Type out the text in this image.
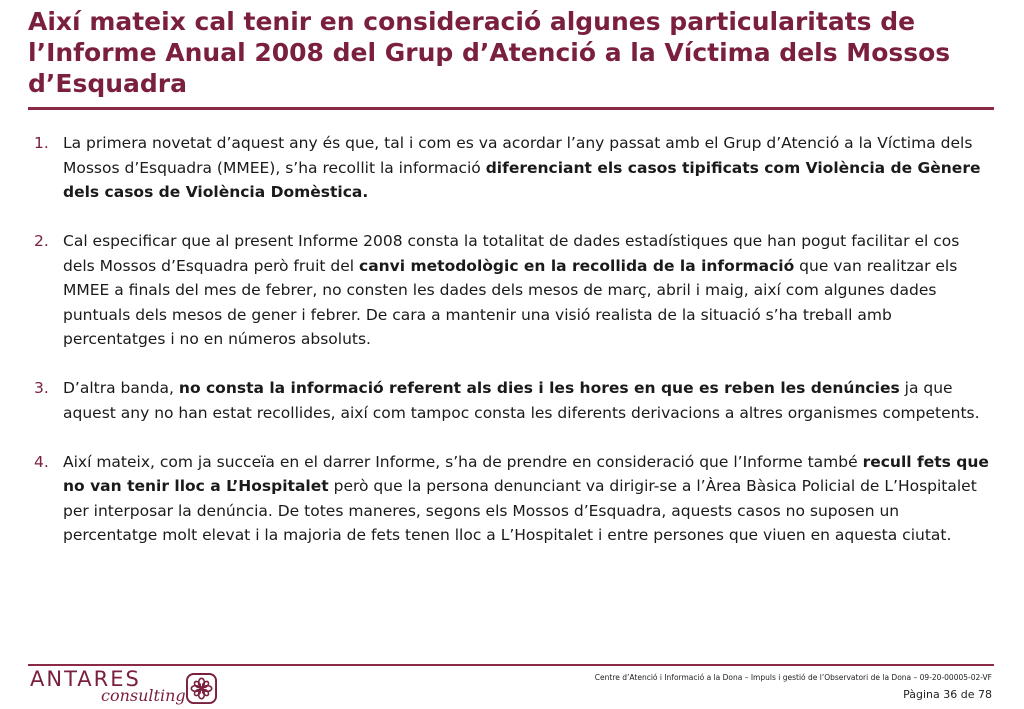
Així mateix cal tenir en consideració algunes particularitats de l’Informe Anual 2008 del Grup d’Atenció a la Víctima dels Mossos d’Esquadra
1. La primera novetat d’aquest any és que, tal i com es va acordar l’any passat amb el Grup d’Atenció a la Víctima dels Mossos d’Esquadra (MMEE), s’ha recollit la informació diferenciant els casos tipificats com Violència de Gènere dels casos de Violència Domèstica.
2. Cal especificar que al present Informe 2008 consta la totalitat de dades estadístiques que han pogut facilitar el cos dels Mossos d’Esquadra però fruit del canvi metodològic en la recollida de la informació que van realitzar els MMEE a finals del mes de febrer, no consten les dades dels mesos de març, abril i maig, així com algunes dades puntuals dels mesos de gener i febrer. De cara a mantenir una visió realista de la situació s’ha treball amb percentatges i no en números absoluts.
3. D’altra banda, no consta la informació referent als dies i les hores en que es reben les denúncies ja que aquest any no han estat recollides, així com tampoc consta les diferents derivacions a altres organismes competents.
4. Així mateix, com ja succeïa en el darrer Informe, s’ha de prendre en consideració que l’Informe també recull fets que no van tenir lloc a L’Hospitalet però que la persona denunciant va dirigir-se a l’Àrea Bàsica Policial de L’Hospitalet per interposar la denúncia. De totes maneres, segons els Mossos d’Esquadra, aquests casos no suposen un percentatge molt elevat i la majoria de fets tenen lloc a L’Hospitalet i entre persones que viuen en aquesta ciutat.
ANTARES
consulting
Centre d’Atenció i Informació a la Dona – Impuls i gestió de l’Observatori de la Dona – 09-20-00005-02-VF
Pàgina 36 de 78
